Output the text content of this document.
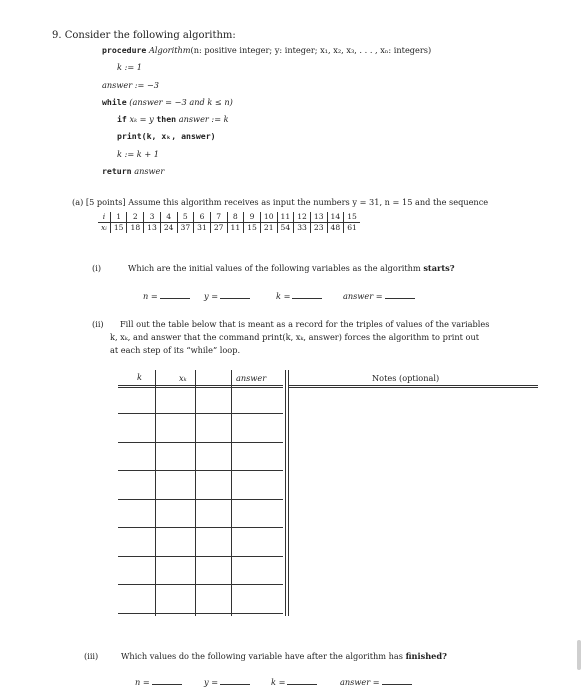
9. Consider the following algorithm:
procedure Algorithm(n: positive integer; y: integer; x₁, x₂, x₃, . . . , xₙ: integers)
k := 1
answer := −3
while (answer = −3 and k ≤ n)
if xₖ = y then answer := k
print(k, xₖ, answer)
k := k + 1
return answer
(a) [5 points] Assume this algorithm receives as input the numbers y = 31, n = 15 and the sequence
i	1	2	3	4	5	6	7	8	9	10	11	12	13	14	15
xᵢ	15	18	13	24	37	31	27	11	15	21	54	33	23	48	61
(i)	Which are the initial values of the following variables as the algorithm starts?
n =	y =	k =	answer =
(ii) Fill out the table below that is meant as a record for the triples of values of the variables
k, xₖ, and answer that the command print(k, xₖ, answer) forces the algorithm to print out
at each step of its “while” loop.
k	xₖ	answer	Notes (optional)
(iii)	Which values do the following variable have after the algorithm has finished?
n =	y =	k =	answer =
